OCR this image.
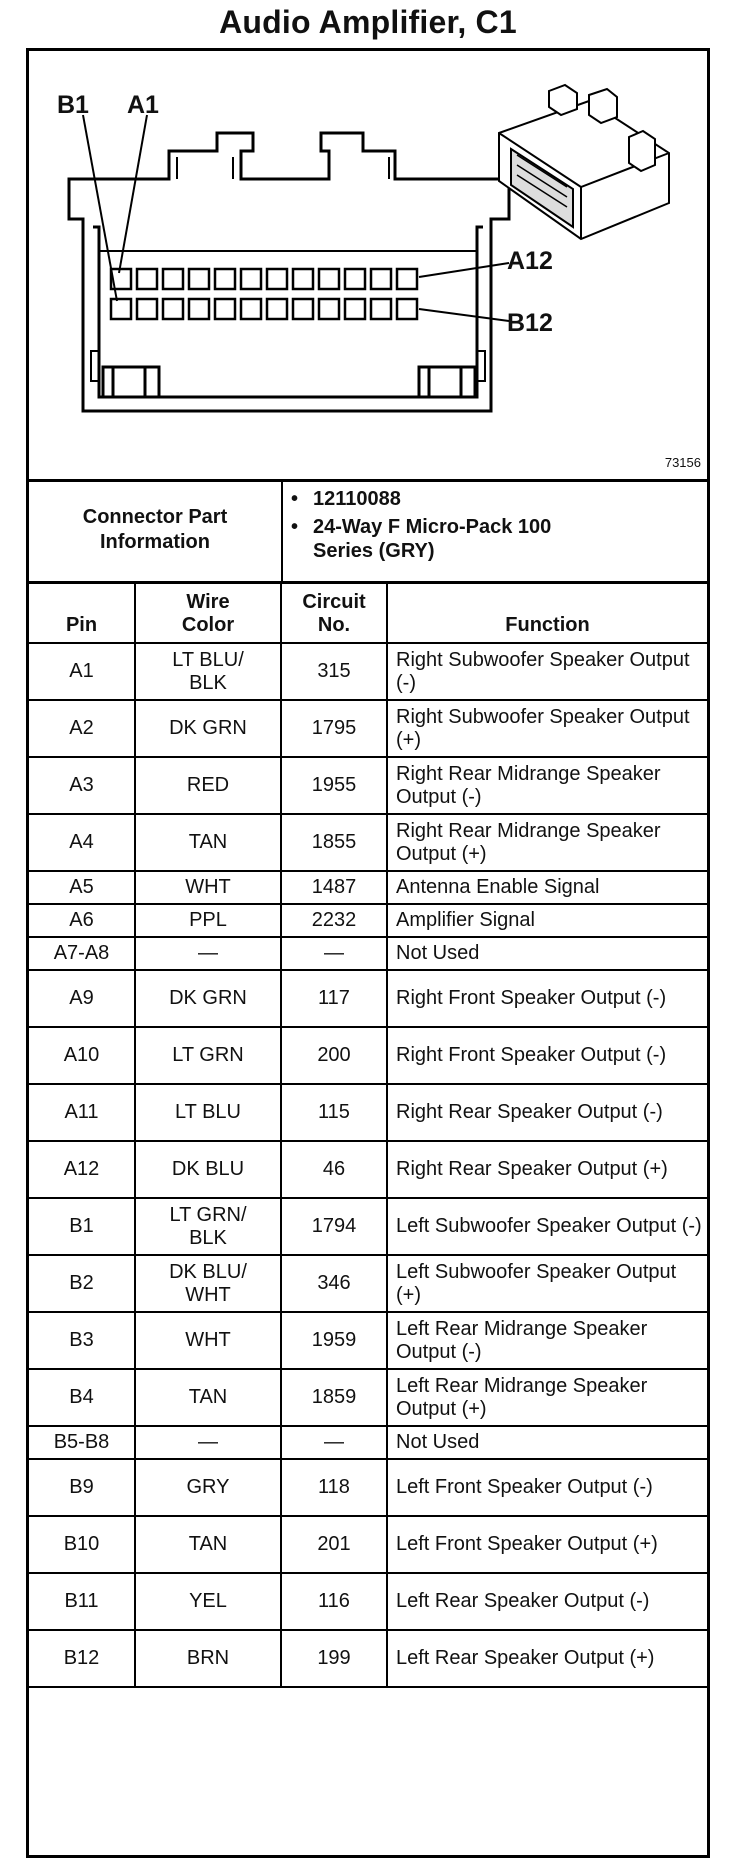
Audio Amplifier, C1
B1 A1
A12
B12
73156
Connector Part Information
• 12110088
• 24-Way F Micro-Pack 100 Series (GRY)
Pin	Wire Color	Circuit No.	Function
A1	LT BLU/ BLK	315	Right Subwoofer Speaker Output (-)
A2	DK GRN	1795	Right Subwoofer Speaker Output (+)
A3	RED	1955	Right Rear Midrange Speaker Output (-)
A4	TAN	1855	Right Rear Midrange Speaker Output (+)
A5	WHT	1487	Antenna Enable Signal
A6	PPL	2232	Amplifier Signal
A7-A8	—	—	Not Used
A9	DK GRN	117	Right Front Speaker Output (-)
A10	LT GRN	200	Right Front Speaker Output (-)
A11	LT BLU	115	Right Rear Speaker Output (-)
A12	DK BLU	46	Right Rear Speaker Output (+)
B1	LT GRN/ BLK	1794	Left Subwoofer Speaker Output (-)
B2	DK BLU/ WHT	346	Left Subwoofer Speaker Output (+)
B3	WHT	1959	Left Rear Midrange Speaker Output (-)
B4	TAN	1859	Left Rear Midrange Speaker Output (+)
B5-B8	—	—	Not Used
B9	GRY	118	Left Front Speaker Output (-)
B10	TAN	201	Left Front Speaker Output (+)
B11	YEL	116	Left Rear Speaker Output (-)
B12	BRN	199	Left Rear Speaker Output (+)
